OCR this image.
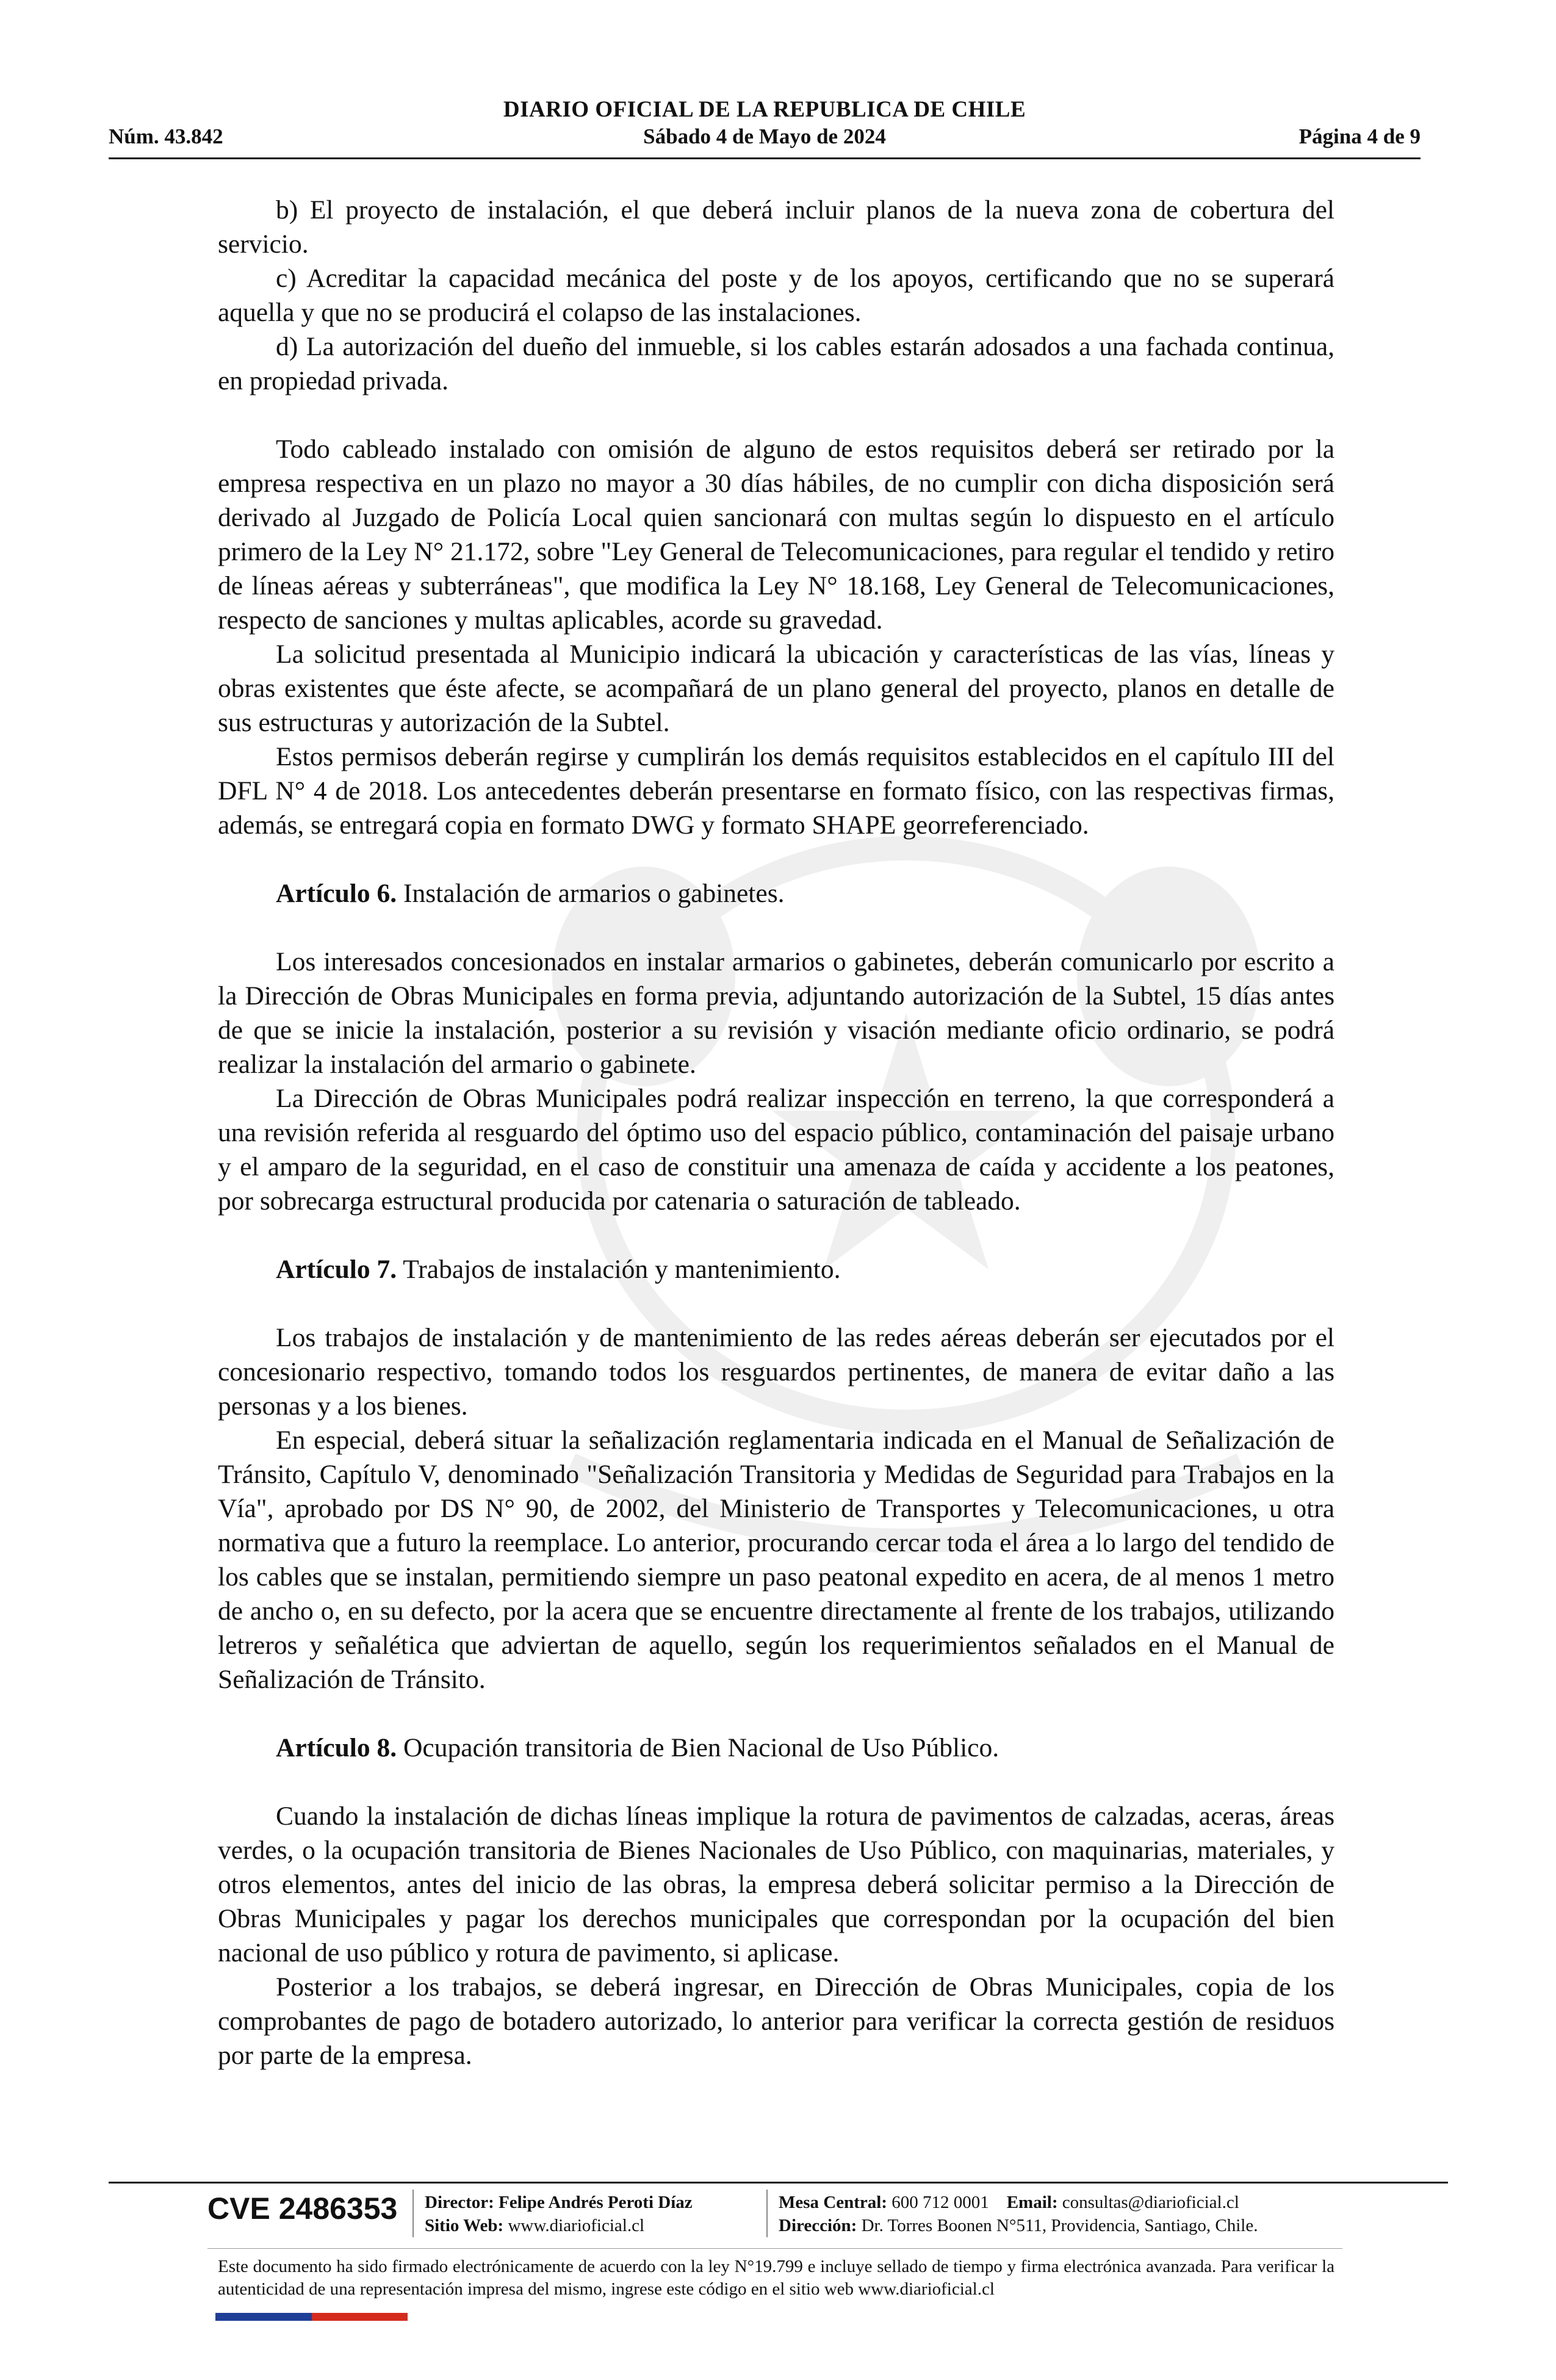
DIARIO OFICIAL DE LA REPUBLICA DE CHILE
Núm. 43.842	Sábado 4 de Mayo de 2024	Página 4 de 9

b) El proyecto de instalación, el que deberá incluir planos de la nueva zona de cobertura del servicio.

c) Acreditar la capacidad mecánica del poste y de los apoyos, certificando que no se superará aquella y que no se producirá el colapso de las instalaciones.

d) La autorización del dueño del inmueble, si los cables estarán adosados a una fachada continua, en propiedad privada.

Todo cableado instalado con omisión de alguno de estos requisitos deberá ser retirado por la empresa respectiva en un plazo no mayor a 30 días hábiles, de no cumplir con dicha disposición será derivado al Juzgado de Policía Local quien sancionará con multas según lo dispuesto en el artículo primero de la Ley N° 21.172, sobre "Ley General de Telecomunicaciones, para regular el tendido y retiro de líneas aéreas y subterráneas", que modifica la Ley N° 18.168, Ley General de Telecomunicaciones, respecto de sanciones y multas aplicables, acorde su gravedad.

La solicitud presentada al Municipio indicará la ubicación y características de las vías, líneas y obras existentes que éste afecte, se acompañará de un plano general del proyecto, planos en detalle de sus estructuras y autorización de la Subtel.

Estos permisos deberán regirse y cumplirán los demás requisitos establecidos en el capítulo III del DFL N° 4 de 2018. Los antecedentes deberán presentarse en formato físico, con las respectivas firmas, además, se entregará copia en formato DWG y formato SHAPE georreferenciado.

Artículo 6. Instalación de armarios o gabinetes.

Los interesados concesionados en instalar armarios o gabinetes, deberán comunicarlo por escrito a la Dirección de Obras Municipales en forma previa, adjuntando autorización de la Subtel, 15 días antes de que se inicie la instalación, posterior a su revisión y visación mediante oficio ordinario, se podrá realizar la instalación del armario o gabinete.

La Dirección de Obras Municipales podrá realizar inspección en terreno, la que corresponderá a una revisión referida al resguardo del óptimo uso del espacio público, contaminación del paisaje urbano y el amparo de la seguridad, en el caso de constituir una amenaza de caída y accidente a los peatones, por sobrecarga estructural producida por catenaria o saturación de tableado.

Artículo 7. Trabajos de instalación y mantenimiento.

Los trabajos de instalación y de mantenimiento de las redes aéreas deberán ser ejecutados por el concesionario respectivo, tomando todos los resguardos pertinentes, de manera de evitar daño a las personas y a los bienes.

En especial, deberá situar la señalización reglamentaria indicada en el Manual de Señalización de Tránsito, Capítulo V, denominado "Señalización Transitoria y Medidas de Seguridad para Trabajos en la Vía", aprobado por DS N° 90, de 2002, del Ministerio de Transportes y Telecomunicaciones, u otra normativa que a futuro la reemplace. Lo anterior, procurando cercar toda el área a lo largo del tendido de los cables que se instalan, permitiendo siempre un paso peatonal expedito en acera, de al menos 1 metro de ancho o, en su defecto, por la acera que se encuentre directamente al frente de los trabajos, utilizando letreros y señalética que adviertan de aquello, según los requerimientos señalados en el Manual de Señalización de Tránsito.

Artículo 8. Ocupación transitoria de Bien Nacional de Uso Público.

Cuando la instalación de dichas líneas implique la rotura de pavimentos de calzadas, aceras, áreas verdes, o la ocupación transitoria de Bienes Nacionales de Uso Público, con maquinarias, materiales, y otros elementos, antes del inicio de las obras, la empresa deberá solicitar permiso a la Dirección de Obras Municipales y pagar los derechos municipales que correspondan por la ocupación del bien nacional de uso público y rotura de pavimento, si aplicase.

Posterior a los trabajos, se deberá ingresar, en Dirección de Obras Municipales, copia de los comprobantes de pago de botadero autorizado, lo anterior para verificar la correcta gestión de residuos por parte de la empresa.

CVE 2486353 Director: Felipe Andrés Peroti Díaz
Sitio Web: www.diarioficial.cl
Mesa Central: 600 712 0001 Email: consultas@diarioficial.cl
Dirección: Dr. Torres Boonen N°511, Providencia, Santiago, Chile.
Este documento ha sido firmado electrónicamente de acuerdo con la ley N°19.799 e incluye sellado de tiempo y firma electrónica avanzada. Para verificar la autenticidad de una representación impresa del mismo, ingrese este código en el sitio web www.diarioficial.cl
